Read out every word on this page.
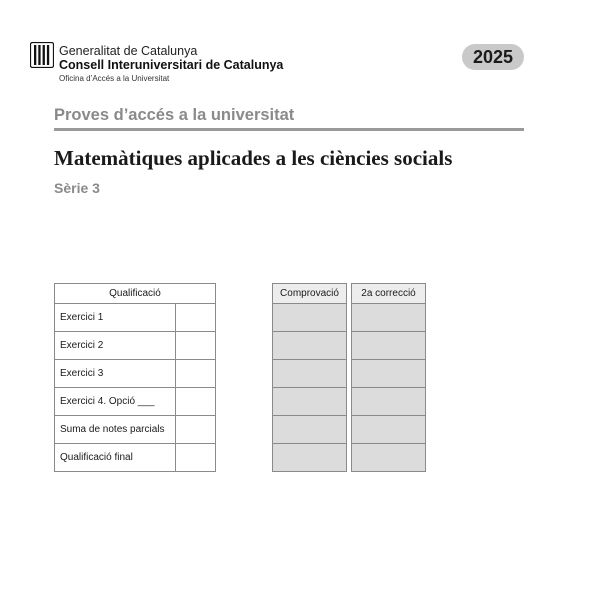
Generalitat de Catalunya
Consell Interuniversitari de Catalunya
Oficina d’Accés a la Universitat
2025
Proves d’accés a la universitat
Matemàtiques aplicades a les ciències socials
Sèrie 3
Qualificació	
Exercici 1	
Exercici 2	
Exercici 3	
Exercici 4. Opció ___	
Suma de notes parcials	
Qualificació final	
Comprovació 2a correcció
